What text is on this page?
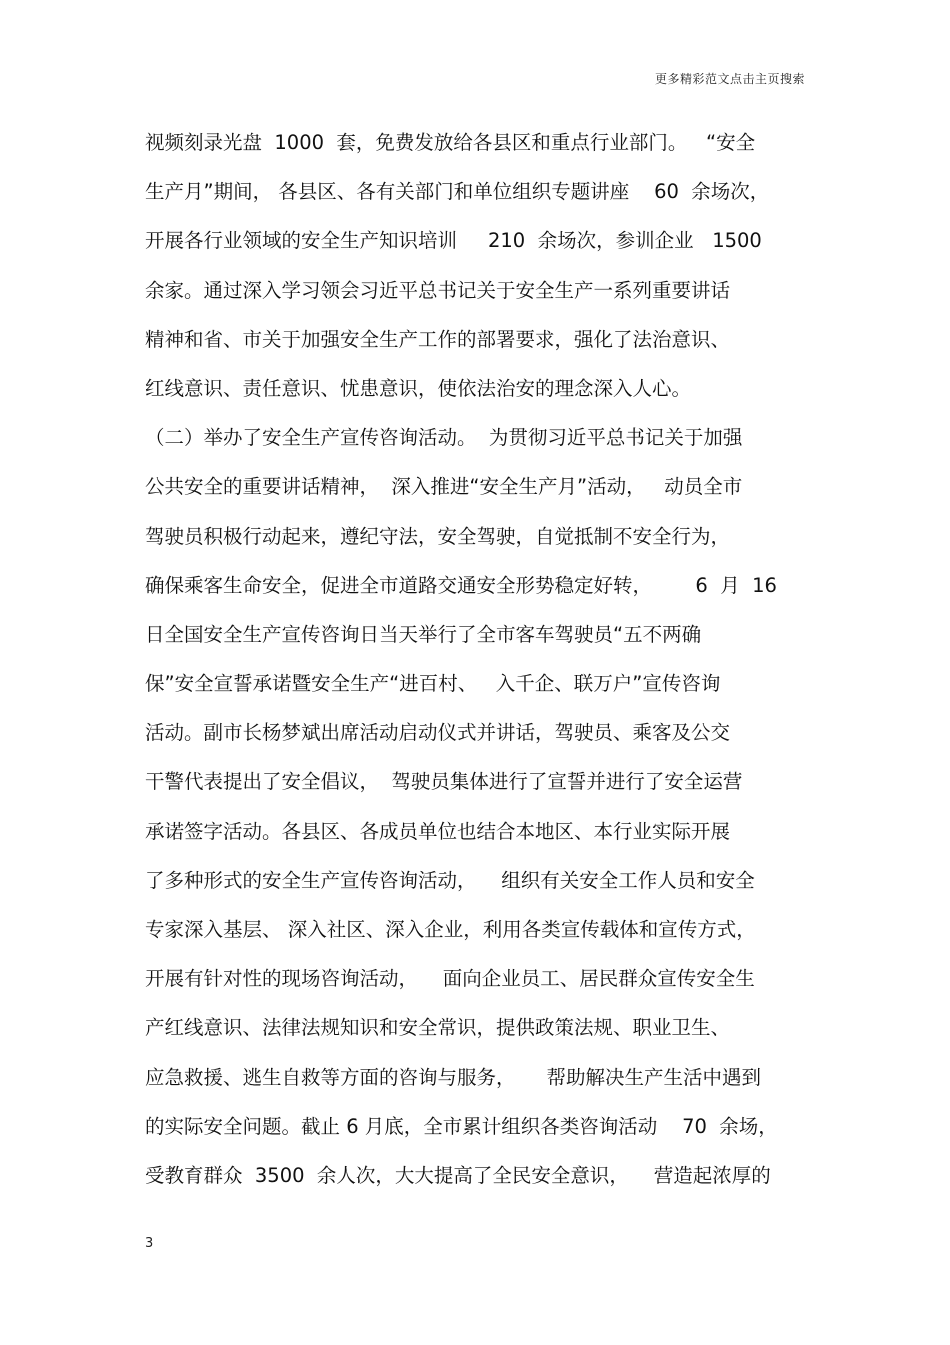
更多精彩范文点击主页搜索
视频刻录光盘  1000  套，免费发放给各县区和重点行业部门。   “安全
生产月”期间， 各县区、各有关部门和单位组织专题讲座    60  余场次，
开展各行业领域的安全生产知识培训     210  余场次，参训企业   1500
余家。通过深入学习领会习近平总书记关于安全生产一系列重要讲话
精神和省、市关于加强安全生产工作的部署要求，强化了法治意识、
红线意识、责任意识、忧患意识，使依法治安的理念深入人心。
（二）举办了安全生产宣传咨询活动。  为贯彻习近平总书记关于加强
公共安全的重要讲话精神，  深入推进“安全生产月”活动，   动员全市
驾驶员积极行动起来，遵纪守法，安全驾驶，自觉抵制不安全行为，
确保乘客生命安全，促进全市道路交通安全形势稳定好转，       6  月  16
日全国安全生产宣传咨询日当天举行了全市客车驾驶员“五不两确
保”安全宣誓承诺暨安全生产“进百村、   入千企、联万户”宣传咨询
活动。副市长杨梦斌出席活动启动仪式并讲话，驾驶员、乘客及公交
干警代表提出了安全倡议，  驾驶员集体进行了宣誓并进行了安全运营
承诺签字活动。各县区、各成员单位也结合本地区、本行业实际开展
了多种形式的安全生产宣传咨询活动，    组织有关安全工作人员和安全
专家深入基层、 深入社区、深入企业，利用各类宣传载体和宣传方式，
开展有针对性的现场咨询活动，    面向企业员工、居民群众宣传安全生
产红线意识、法律法规知识和安全常识，提供政策法规、职业卫生、
应急救援、逃生自救等方面的咨询与服务，     帮助解决生产生活中遇到
的实际安全问题。截止 6 月底，全市累计组织各类咨询活动    70  余场，
受教育群众  3500  余人次，大大提高了全民安全意识，    营造起浓厚的
3
